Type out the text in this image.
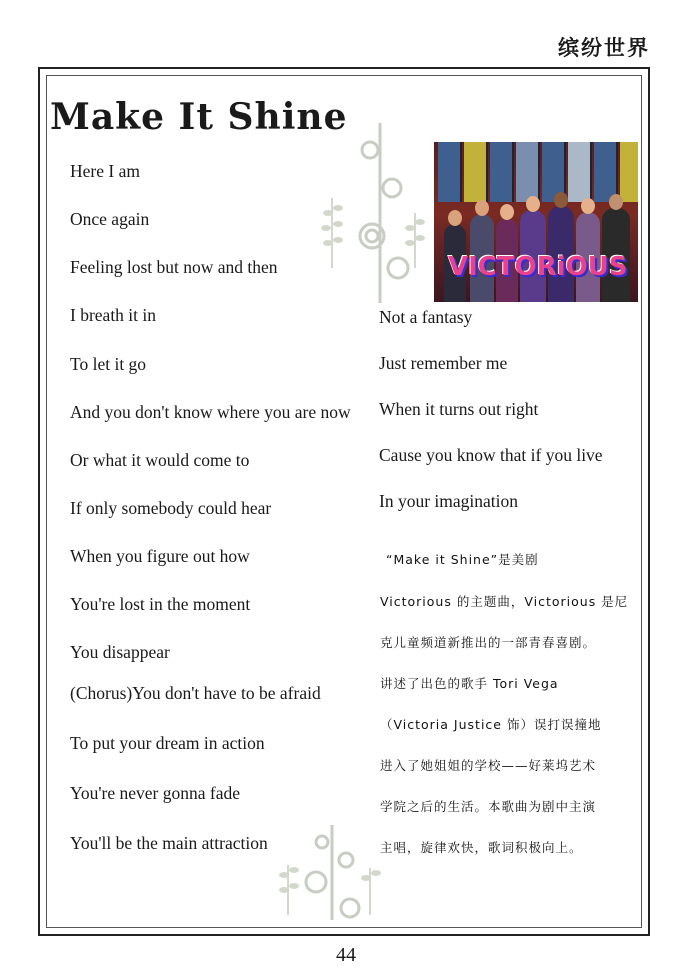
缤纷世界
Make It Shine
VICTORiOUS
Here I am
Once again
Feeling lost but now and then
I breath it in
To let it go
And you don't know where you are now
Or what it would come to
If only somebody could hear
When you figure out how
You're lost in the moment
You disappear
(Chorus)You don't have to be afraid
To put your dream in action
You're never gonna fade
You'll be the main attraction
Not a fantasy
Just remember me
When it turns out right
Cause you know that if you live
In your imagination
“Make it Shine”是美剧
Victorious 的主题曲，Victorious 是尼
克儿童频道新推出的一部青春喜剧。
讲述了出色的歌手 Tori Vega
（Victoria Justice 饰）误打误撞地
进入了她姐姐的学校——好莱坞艺术
学院之后的生活。本歌曲为剧中主演
主唱，旋律欢快，歌词积极向上。
44
